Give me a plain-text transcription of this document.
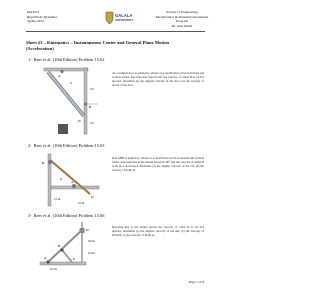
MAT221
Rigid Body Dynamics
Spring 2024
GALALA
UNIVERSITY
Faculty of Engineering
Mechatronics & Industrial Automation
Program
Dr. Amr Ismail
Sheet #3 – Kinematics – Instantaneous Center and General Plane Motion
(Acceleration)
1- Beer et al. (10th Edition) Problem 15.62
A
B
D
θ
5 ft
5 ft
An overhead door is guided by wheels at A and B that roll in horizontal and vertical tracks. Knowing that when θ=40° the velocity of wheel B is 1.5 ft/s upward, determine (a) the angular velocity of the door, (b) the velocity of end D of the door.
2- Beer et al. (10th Edition) Problem 15.63
B
A
D
β
15 in.
10 in.
Rod ABD is guided by wheels at A and B that roll in horizontal and vertical tracks. Knowing that at the instant shown β=60° and the velocity of wheel B is 40 in./s downward, determine (a) the angular velocity of the rod, (b) the velocity of Point D.
3- Beer et al. (10th Edition) Problem 15.66
A
B
D
E
0.6 m
0.4 m
0.5 m
Knowing that at the instant shown the velocity of collar D is 1.6 m/s upward, determine (a) the angular velocity of rod AD, (b) the velocity of Point B, (c) the velocity of Point A.
Page 1 of 8
